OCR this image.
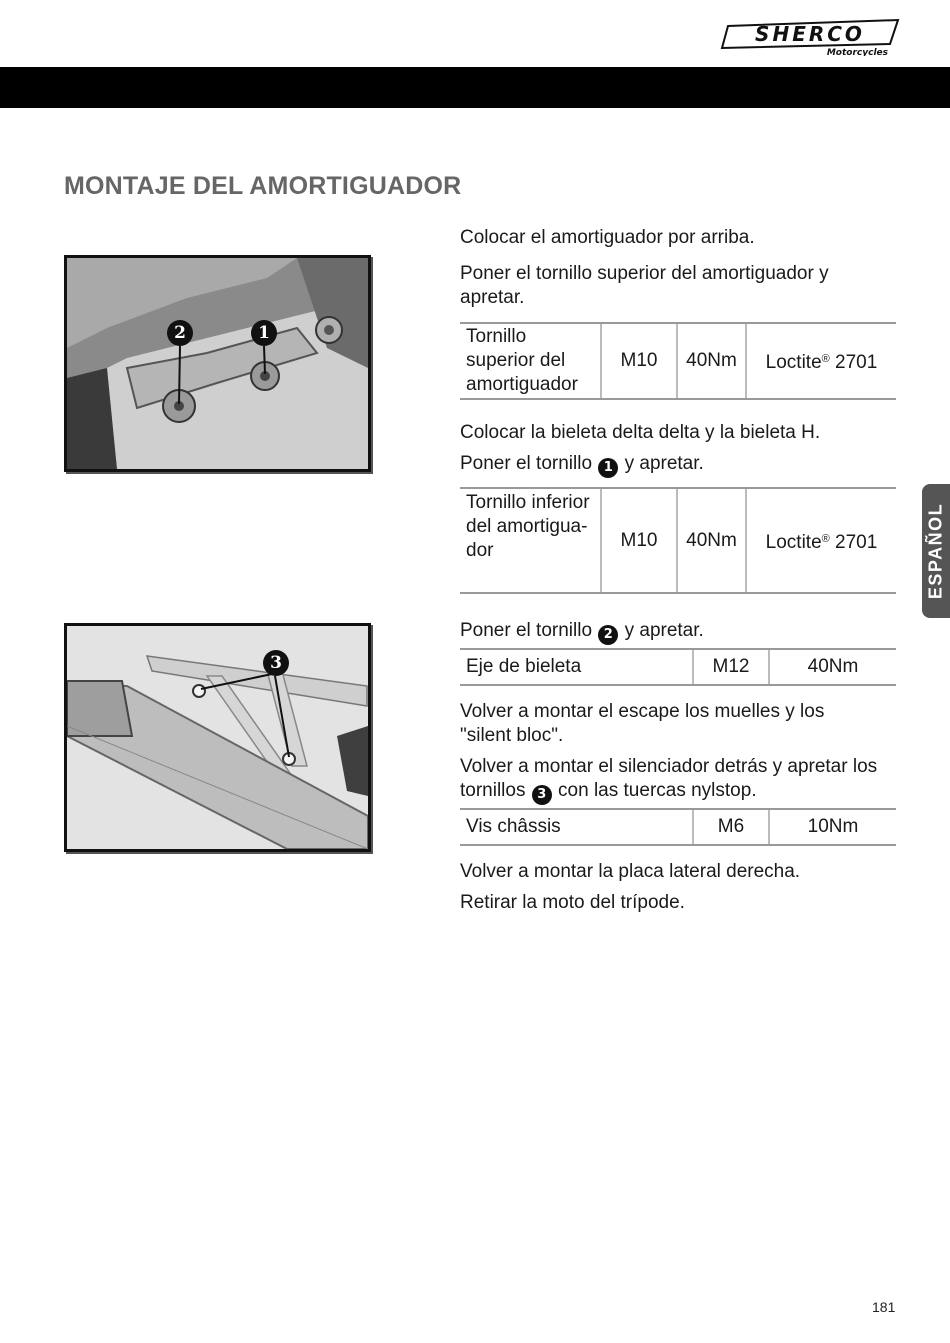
SHERCO
Motorcycles
MONTAJE DEL AMORTIGUADOR
2	1
3

Colocar el amortiguador por arriba.

Poner el tornillo superior del amortiguador y apretar.

Tornillo superior del amortiguador	M10	40Nm	Loctite® 2701

Colocar la bieleta delta delta y la bieleta H.

Poner el tornillo 1 y apretar.

Tornillo inferior del amortigua-dor	M10	40Nm	Loctite® 2701

Poner el tornillo 2 y apretar.

Eje de bieleta	M12	40Nm

Volver a montar el escape los muelles y los "silent bloc".

Volver a montar el silenciador detrás y apretar los tornillos 3 con las tuercas nylstop.

Vis châssis	M6	10Nm

Volver a montar la placa lateral derecha.

Retirar la moto del trípode.

ESPAÑOL
181
